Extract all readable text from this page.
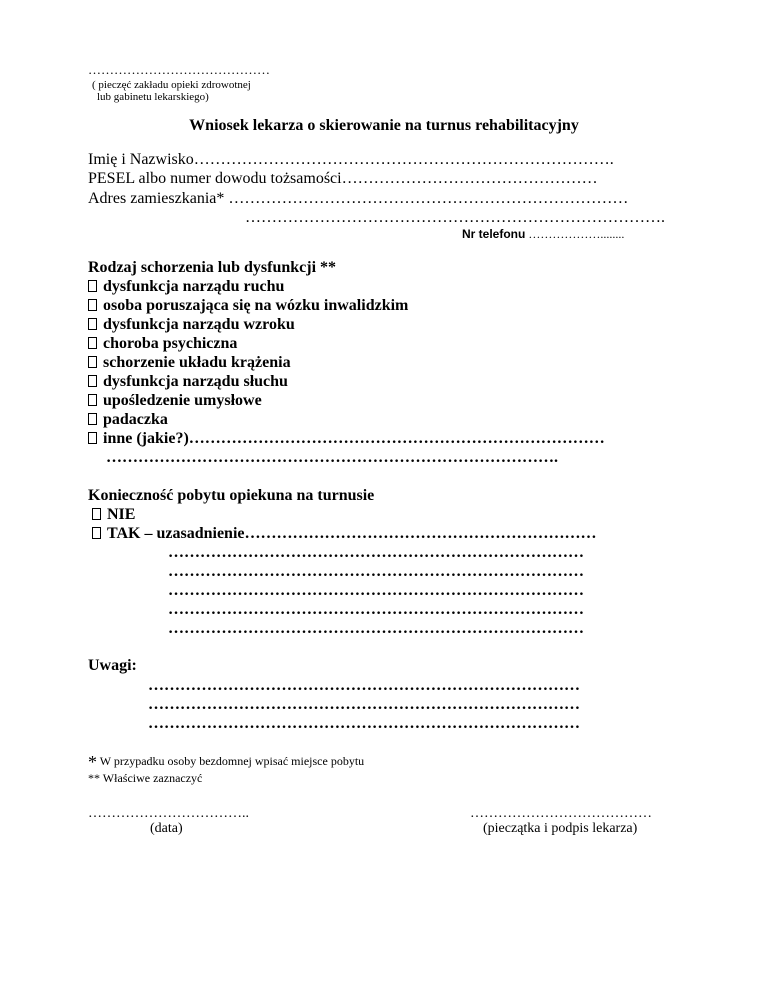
……………………………………
( pieczęć zakładu opieki zdrowotnej
lub gabinetu lekarskiego)
Wniosek lekarza o skierowanie na turnus rehabilitacyjny
Imię i Nazwisko…………………………………………………………………….
PESEL albo numer dowodu tożsamości…………………………………………
Adres zamieszkania* …………………………………………………………………
…………………………………………………………………….
Nr telefonu ………………........
Rodzaj schorzenia lub dysfunkcji **
dysfunkcja narządu ruchu
osoba poruszająca się na wózku inwalidzkim
dysfunkcja narządu wzroku
choroba psychiczna
schorzenie układu krążenia
dysfunkcja narządu słuchu
upośledzenie umysłowe
padaczka
inne (jakie?)……………………………………………………………………
………………………………………………………………………….
Konieczność pobytu opiekuna na turnusie
NIE
TAK – uzasadnienie…………………………………………………………
……………………………………………………………………
……………………………………………………………………
……………………………………………………………………
……………………………………………………………………
……………………………………………………………………
Uwagi:
………………………………………………………………………
………………………………………………………………………
………………………………………………………………………
* W przypadku osoby bezdomnej wpisać miejsce pobytu
** Właściwe zaznaczyć
……………………………..
(data)
…………………………………
(pieczątka i podpis lekarza)
